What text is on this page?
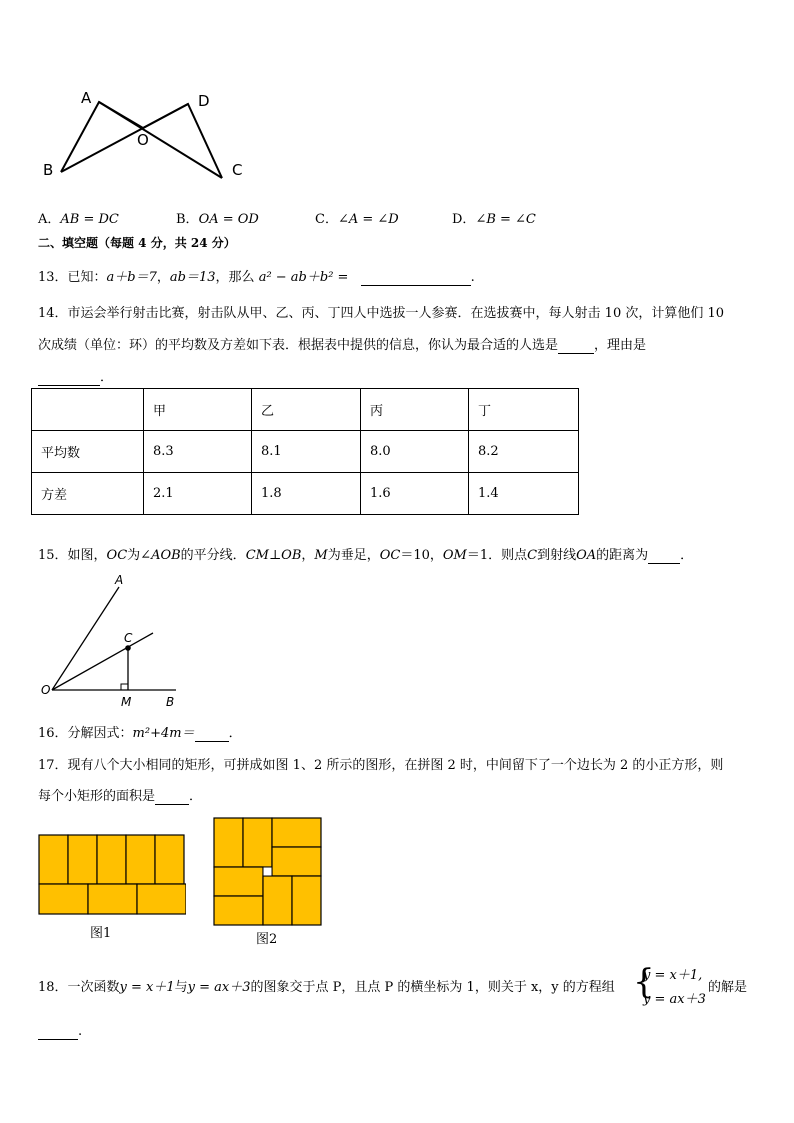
A	D
O
B	C
A．AB = DC	B．OA = OD	C．∠A = ∠D	D．∠B = ∠C
二、填空题（每题 4 分，共 24 分）
13．已知：a＋b＝7，ab＝13，那么 a² − ab＋b² =	.
14．市运会举行射击比赛，射击队从甲、乙、丙、丁四人中选拔一人参赛．在选拔赛中，每人射击 10 次，计算他们 10
次成绩（单位：环）的平均数及方差如下表．根据表中提供的信息，你认为最合适的人选是	，理由是
．
	甲	乙	丙	丁
平均数	8.3	8.1	8.0	8.2
方差	2.1	1.8	1.6	1.4
15．如图，OC为∠AOB的平分线．CM⊥OB，M为垂足，OC＝10，OM＝1．则点C到射线OA的距离为 ．
A
C
O
M	B
16．分解因式：m²+4m＝	．
17．现有八个大小相同的矩形，可拼成如图 1、2 所示的图形，在拼图 2 时，中间留下了一个边长为 2 的小正方形，则
每个小矩形的面积是	．
图1	图2
18．一次函数y = x＋1与y = ax＋3的图象交于点 P，且点 P 的横坐标为 1，则关于 x，y 的方程组 {
y = x＋1,
y = ax＋3
的解是
.
